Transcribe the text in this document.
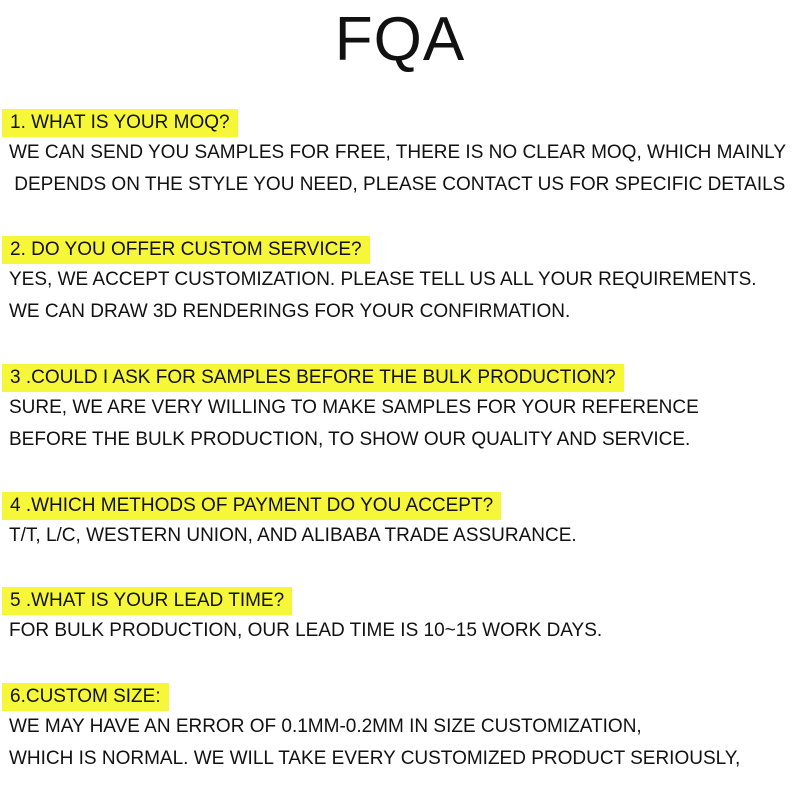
FQA
1. WHAT IS YOUR MOQ?
WE CAN SEND YOU SAMPLES FOR FREE, THERE IS NO CLEAR MOQ, WHICH MAINLY
DEPENDS ON THE STYLE YOU NEED, PLEASE CONTACT US FOR SPECIFIC DETAILS
2. DO YOU OFFER CUSTOM SERVICE?
YES, WE ACCEPT CUSTOMIZATION. PLEASE TELL US ALL YOUR REQUIREMENTS.
WE CAN DRAW 3D RENDERINGS FOR YOUR CONFIRMATION.
3 .COULD I ASK FOR SAMPLES BEFORE THE BULK PRODUCTION?
SURE, WE ARE VERY WILLING TO MAKE SAMPLES FOR YOUR REFERENCE
BEFORE THE BULK PRODUCTION, TO SHOW OUR QUALITY AND SERVICE.
4 .WHICH METHODS OF PAYMENT DO YOU ACCEPT?
T/T, L/C, WESTERN UNION, AND ALIBABA TRADE ASSURANCE.
5 .WHAT IS YOUR LEAD TIME?
FOR BULK PRODUCTION, OUR LEAD TIME IS 10~15 WORK DAYS.
6.CUSTOM SIZE:
WE MAY HAVE AN ERROR OF 0.1MM-0.2MM IN SIZE CUSTOMIZATION,
WHICH IS NORMAL. WE WILL TAKE EVERY CUSTOMIZED PRODUCT SERIOUSLY,
